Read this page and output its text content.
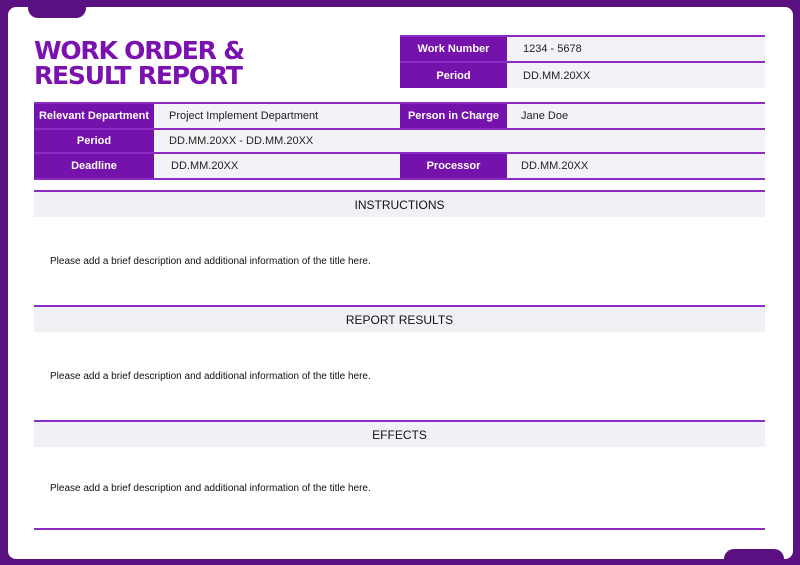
WORK ORDER &
RESULT REPORT
Work Number	1234 - 5678
Period	DD.MM.20XX
Relevant Department	Project Implement Department	Person in Charge	Jane Doe
Period	DD.MM.20XX - DD.MM.20XX
Deadline	DD.MM.20XX	Processor	DD.MM.20XX
INSTRUCTIONS
Please add a brief description and additional information of the title here.
REPORT RESULTS
Please add a brief description and additional information of the title here.
EFFECTS
Please add a brief description and additional information of the title here.
